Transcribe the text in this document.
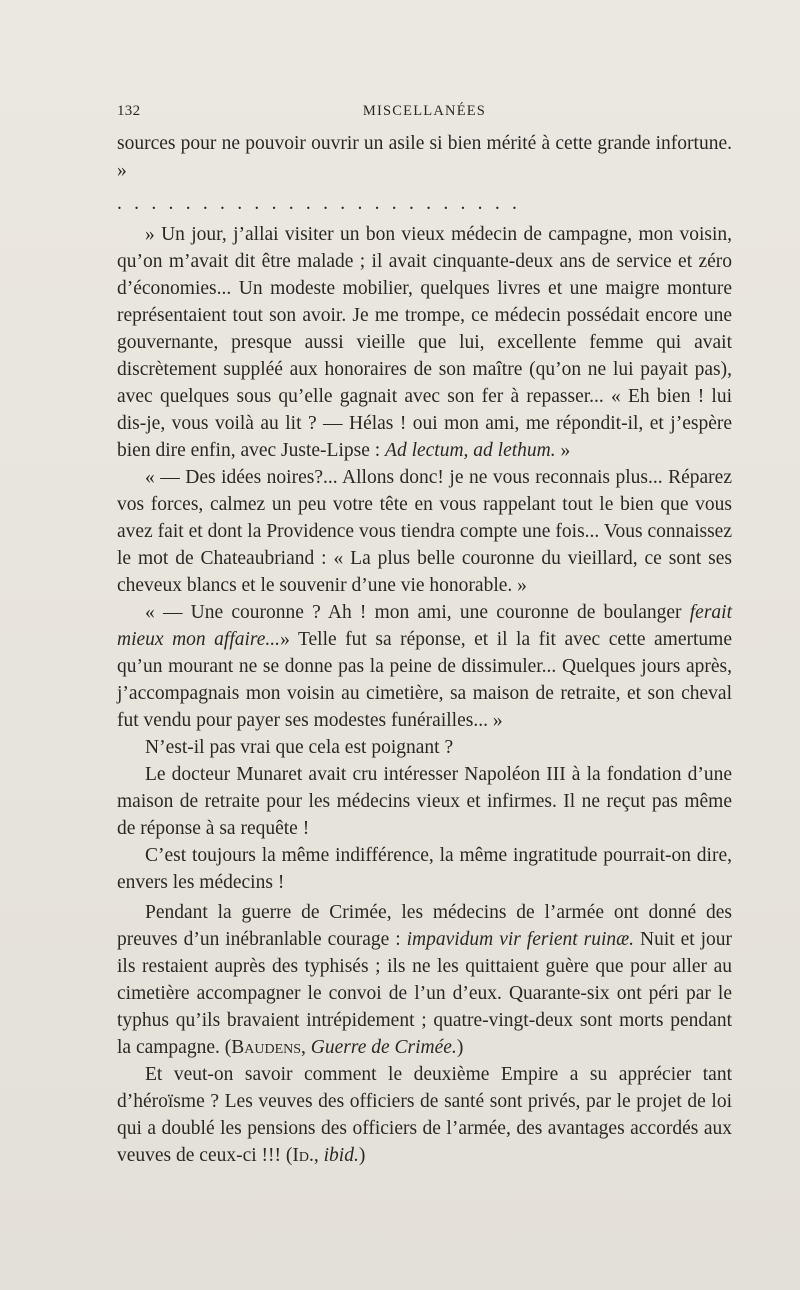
132	MISCELLANÉES

sources pour ne pouvoir ouvrir un asile si bien mérité à cette grande infortune. »

........................

» Un jour, j’allai visiter un bon vieux médecin de campagne, mon voisin, qu’on m’avait dit être malade ; il avait cinquante-deux ans de service et zéro d’économies... Un modeste mobilier, quelques livres et une maigre monture représentaient tout son avoir. Je me trompe, ce médecin possédait encore une gouvernante, presque aussi vieille que lui, excellente femme qui avait discrètement suppléé aux honoraires de son maître (qu’on ne lui payait pas), avec quelques sous qu’elle gagnait avec son fer à repasser... « Eh bien ! lui dis-je, vous voilà au lit ? — Hélas ! oui mon ami, me répondit-il, et j’espère bien dire enfin, avec Juste-Lipse : Ad lectum, ad lethum. »

« — Des idées noires?... Allons donc! je ne vous reconnais plus... Réparez vos forces, calmez un peu votre tête en vous rappelant tout le bien que vous avez fait et dont la Providence vous tiendra compte une fois... Vous connaissez le mot de Chateaubriand : « La plus belle couronne du vieillard, ce sont ses cheveux blancs et le souvenir d’une vie honorable. »

« — Une couronne ? Ah ! mon ami, une couronne de boulanger ferait mieux mon affaire...» Telle fut sa réponse, et il la fit avec cette amertume qu’un mourant ne se donne pas la peine de dissimuler... Quelques jours après, j’accompagnais mon voisin au cimetière, sa maison de retraite, et son cheval fut vendu pour payer ses modestes funérailles... »

N’est-il pas vrai que cela est poignant ?

Le docteur Munaret avait cru intéresser Napoléon III à la fondation d’une maison de retraite pour les médecins vieux et infirmes. Il ne reçut pas même de réponse à sa requête !

C’est toujours la même indifférence, la même ingratitude pourrait-on dire, envers les médecins !

Pendant la guerre de Crimée, les médecins de l’armée ont donné des preuves d’un inébranlable courage : impavidum vir ferient ruinæ. Nuit et jour ils restaient auprès des typhisés ; ils ne les quittaient guère que pour aller au cimetière accompagner le convoi de l’un d’eux. Quarante-six ont péri par le typhus qu’ils bravaient intrépidement ; quatre-vingt-deux sont morts pendant la campagne. (Baudens, Guerre de Crimée.)

Et veut-on savoir comment le deuxième Empire a su apprécier tant d’héroïsme ? Les veuves des officiers de santé sont privés, par le projet de loi qui a doublé les pensions des officiers de l’armée, des avantages accordés aux veuves de ceux-ci !!! (Id., ibid.)
